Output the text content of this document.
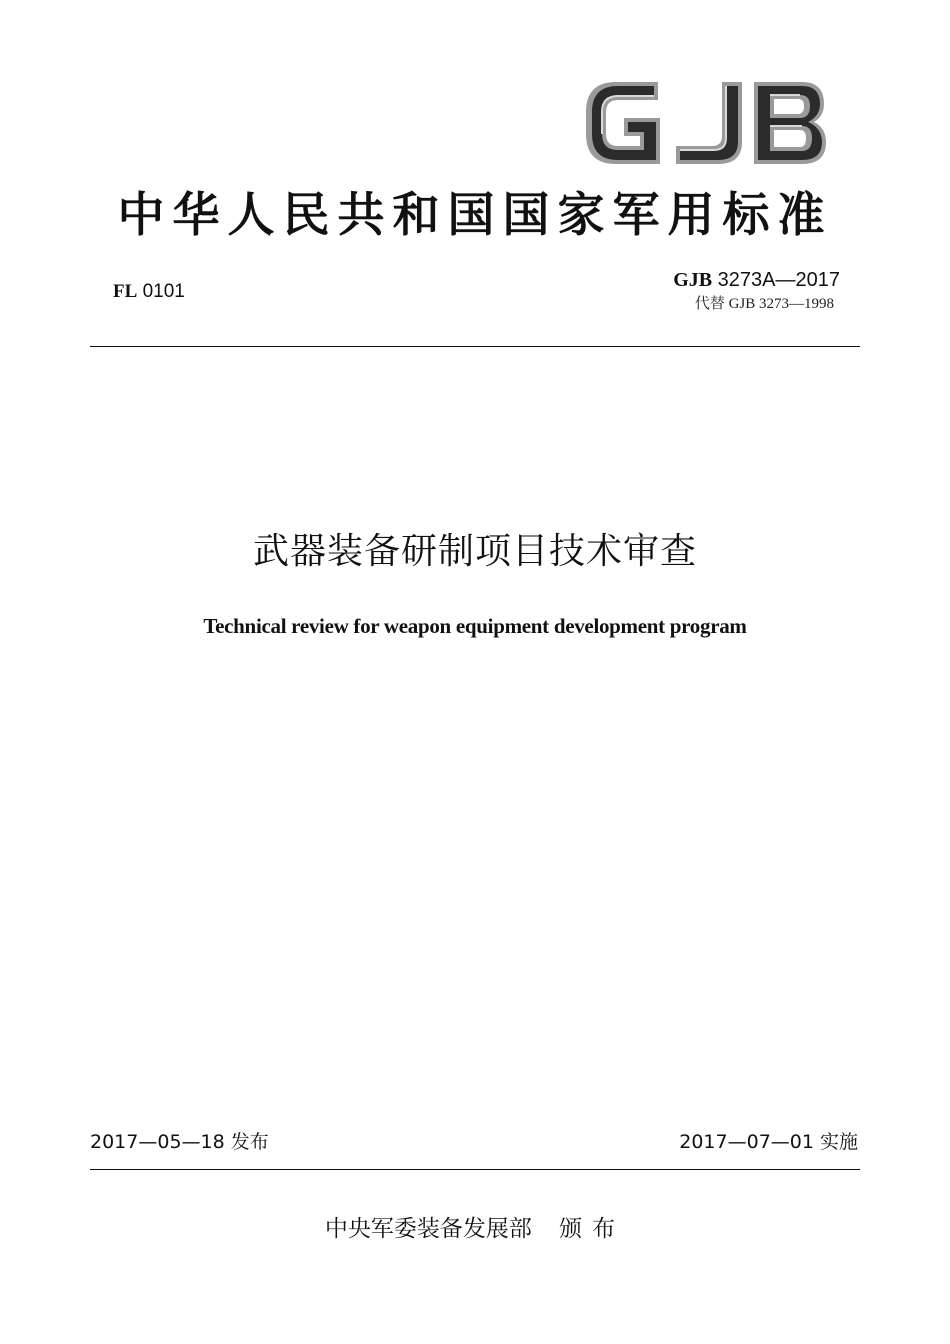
中华人民共和国国家军用标准
FL 0101
GJB 3273A—2017
代替 GJB 3273—1998
武器装备研制项目技术审查
Technical review for weapon equipment development program
2017—05—18 发布	2017—07—01 实施
中央军委装备发展部 颁布
